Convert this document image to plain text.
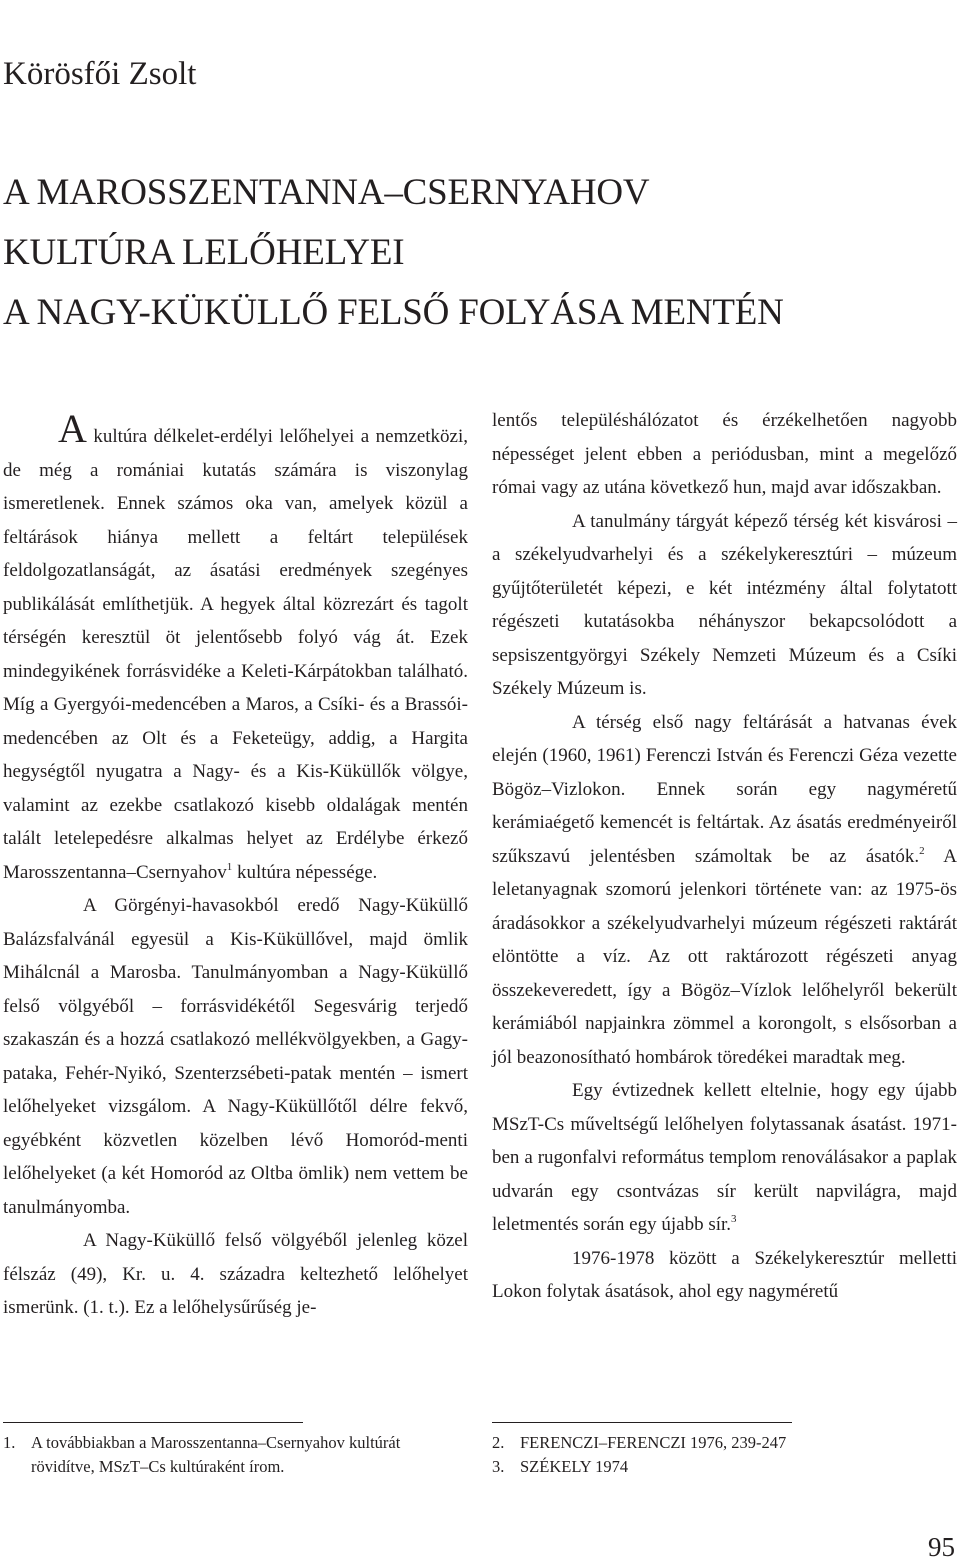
Körösfői Zsolt
A MAROSSZENTANNA–CSERNYAHOV
KULTÚRA LELŐHELYEI
A NAGY-KÜKÜLLŐ FELSŐ FOLYÁSA MENTÉN

A kultúra délkelet-erdélyi lelőhelyei a nemzetközi, de még a romániai kutatás számára is viszonylag ismeretlenek. Ennek számos oka van, amelyek közül a feltárások hiánya mellett a feltárt települések feldolgozatlanságát, az ásatási eredmények szegényes publikálását említhetjük. A hegyek által közrezárt és tagolt térségén keresztül öt jelentősebb folyó vág át. Ezek mindegyikének forrásvidéke a Keleti-Kárpátokban található. Míg a Gyergyói-medencében a Maros, a Csíki- és a Brassói-medencében az Olt és a Feketeügy, addig, a Hargita hegységtől nyugatra a Nagy- és a Kis-Küküllők völgye, valamint az ezekbe csatlakozó kisebb oldalágak mentén talált letelepedésre alkalmas helyet az Erdélybe érkező Marosszentanna–Csernyahov$^1$ kultúra népessége.

A Görgényi-havasokból eredő Nagy-Küküllő Balázsfalvánál egyesül a Kis-Küküllővel, majd ömlik Mihálcnál a Marosba. Tanulmányomban a Nagy-Küküllő felső völgyéből – forrásvidékétől Segesvárig terjedő szakaszán és a hozzá csatlakozó mellékvölgyekben, a Gagy-pataka, Fehér-Nyikó, Szenterzsébeti-patak mentén – ismert lelőhelyeket vizsgálom. A Nagy-Küküllőtől délre fekvő, egyébként közvetlen közelben lévő Homoród-menti lelőhelyeket (a két Homoród az Oltba ömlik) nem vettem be tanulmányomba.

A Nagy-Küküllő felső völgyéből jelenleg közel félszáz (49), Kr. u. 4. századra keltezhető lelőhelyet ismerünk. (1. t.). Ez a lelőhelysűrűség je-

lentős településhálózatot és érzékelhetően nagyobb népességet jelent ebben a periódusban, mint a megelőző római vagy az utána következő hun, majd avar időszakban.

A tanulmány tárgyát képező térség két kisvárosi – a székelyudvarhelyi és a székelykeresztúri – múzeum gyűjtőterületét képezi, e két intézmény által folytatott régészeti kutatásokba néhányszor bekapcsolódott a sepsiszentgyörgyi Székely Nemzeti Múzeum és a Csíki Székely Múzeum is.

A térség első nagy feltárását a hatvanas évek elején (1960, 1961) Ferenczi István és Ferenczi Géza vezette Bögöz–Vizlokon. Ennek során egy nagyméretű kerámiaégető kemencét is feltártak. Az ásatás eredményeiről szűkszavú jelentésben számoltak be az ásatók.$^2$ A leletanyagnak szomorú jelenkori története van: az 1975-ös áradásokkor a székelyudvarhelyi múzeum régészeti raktárát elöntötte a víz. Az ott raktározott régészeti anyag összekeveredett, így a Bögöz–Vízlok lelőhelyről bekerült kerámiából napjainkra zömmel a korongolt, s elsősorban a jól beazonosítható hombárok töredékei maradtak meg.

Egy évtizednek kellett eltelnie, hogy egy újabb MSzT-Cs műveltségű lelőhelyen folytassanak ásatást. 1971-ben a rugonfalvi református templom renoválásakor a paplak udvarán egy csontvázas sír került napvilágra, majd leletmentés során egy újabb sír.$^3$

1976-1978 között a Székelykeresztúr melletti Lokon folytak ásatások, ahol egy nagyméretű

1. A továbbiakban a Marosszentanna–Csernyahov kultúrát rövidítve, MSzT–Cs kultúraként írom.
2. FERENCZI–FERENCZI 1976, 239-247
3. SZÉKELY 1974
95
